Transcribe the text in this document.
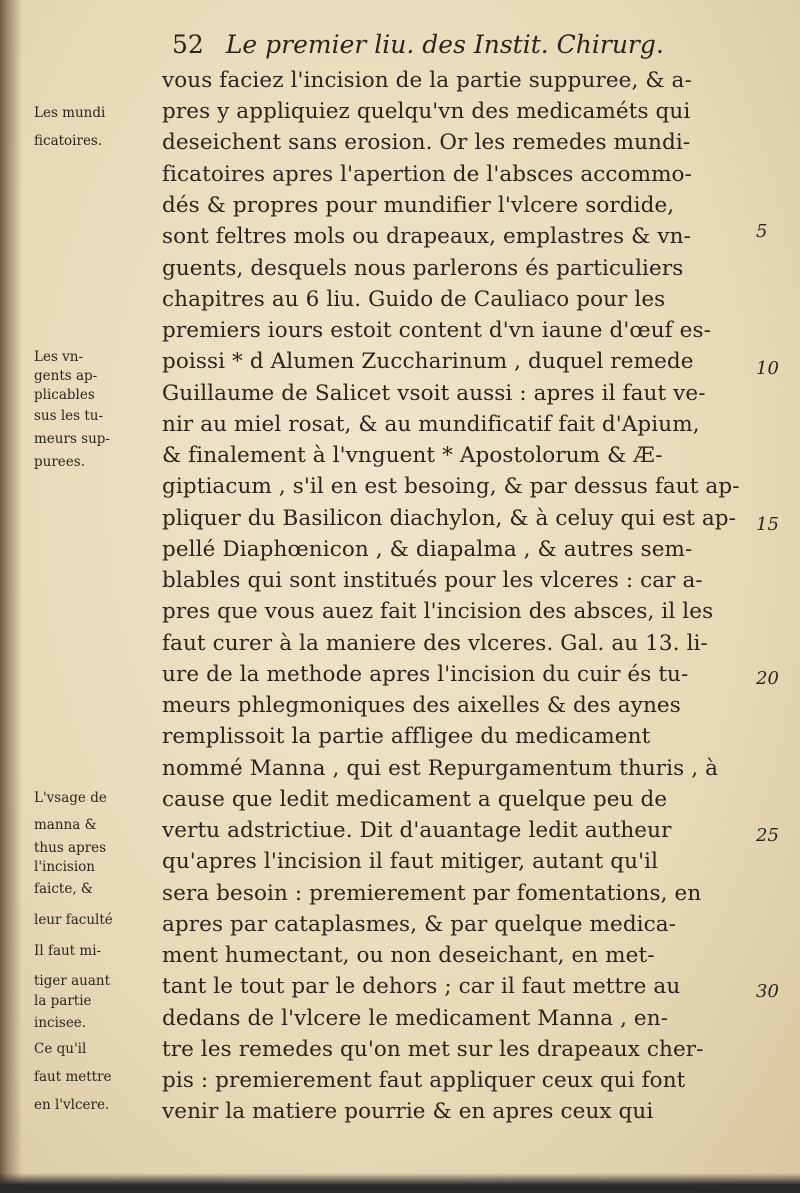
52 Le premier liu. des Instit. Chirurg.
vous faciez l'incision de la partie suppuree, & a-
pres y appliquiez quelqu'vn des medicaméts qui
deseichent sans erosion. Or les remedes mundi-
ficatoires apres l'apertion de l'absces accommo-
dés & propres pour mundifier l'vlcere sordide,
sont feltres mols ou drapeaux, emplastres & vn-
guents, desquels nous parlerons és particuliers
chapitres au 6 liu. Guido de Cauliaco pour les
premiers iours estoit content d'vn iaune d'œuf es-
poissi * d Alumen Zuccharinum , duquel remede
Guillaume de Salicet vsoit aussi : apres il faut ve-
nir au miel rosat, & au mundificatif fait d'Apium,
& finalement à l'vnguent * Apostolorum & Æ-
giptiacum , s'il en est besoing, & par dessus faut ap-
pliquer du Basilicon diachylon, & à celuy qui est ap-
pellé Diaphœnicon , & diapalma , & autres sem-
blables qui sont institués pour les vlceres : car a-
pres que vous auez fait l'incision des absces, il les
faut curer à la maniere des vlceres. Gal. au 13. li-
ure de la methode apres l'incision du cuir és tu-
meurs phlegmoniques des aixelles & des aynes
remplissoit la partie affligee du medicament
nommé Manna , qui est Repurgamentum thuris , à
cause que ledit medicament a quelque peu de
vertu adstrictiue. Dit d'auantage ledit autheur
qu'apres l'incision il faut mitiger, autant qu'il
sera besoin : premierement par fomentations, en
apres par cataplasmes, & par quelque medica-
ment humectant, ou non deseichant, en met-
tant le tout par le dehors ; car il faut mettre au
dedans de l'vlcere le medicament Manna , en-
tre les remedes qu'on met sur les drapeaux cher-
pis : premierement faut appliquer ceux qui font
venir la matiere pourrie & en apres ceux qui
Les mundi
ficatoires.
Les vn-
gents ap-
plicables
sus les tu-
meurs sup-
purees.
L'vsage de
manna &
thus apres
l'incision
faicte, &
leur faculté
Il faut mi-
tiger auant
la partie
incisee.
Ce qu'il
faut mettre
en l'vlcere.
5
10
15
20
25
30
